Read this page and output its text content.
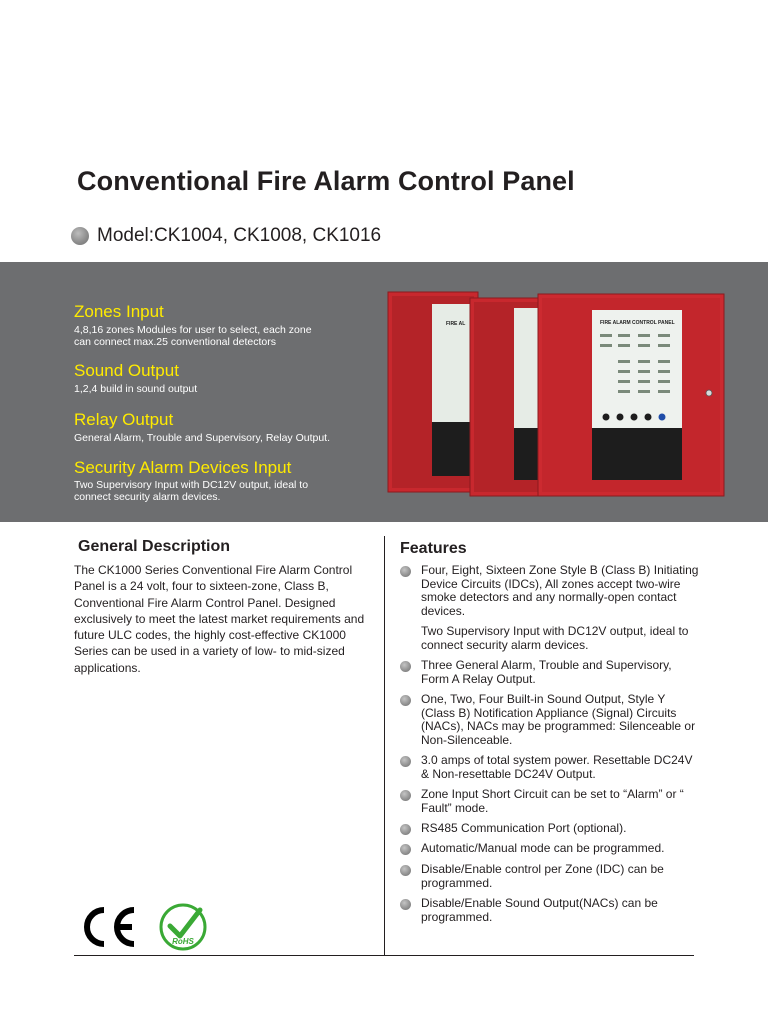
Conventional Fire Alarm Control Panel
Model:CK1004, CK1008, CK1016
Zones Input
4,8,16 zones Modules for user to select, each zone
can connect max.25 conventional detectors
Sound Output
1,2,4 build in sound output
Relay Output
General Alarm, Trouble and Supervisory, Relay Output.
Security Alarm Devices Input
Two Supervisory Input with DC12V output, ideal to
connect security alarm devices.
FIRE AL	FIRE ALARM CONTROL PANEL
General Description
The CK1000 Series Conventional Fire Alarm Control Panel is a 24 volt, four to sixteen-zone, Class B, Conventional Fire Alarm Control Panel. Designed exclusively to meet the latest market requirements and future ULC codes, the highly cost-effective CK1000 Series can be used in a variety of low- to mid-sized applications.
Features
Four, Eight, Sixteen Zone Style B (Class B) Initiating Device Circuits (IDCs), All zones accept two-wire smoke detectors and any normally-open contact devices.
Two Supervisory Input with DC12V output, ideal to connect security alarm devices.
Three General Alarm, Trouble and Supervisory, Form A Relay Output.
One, Two, Four Built-in Sound Output, Style Y (Class B) Notification Appliance (Signal) Circuits (NACs), NACs may be programmed: Silenceable or Non-Silenceable.
3.0 amps of total system power. Resettable DC24V & Non-resettable DC24V Output.
Zone Input Short Circuit can be set to “Alarm” or “ Fault” mode.
RS485 Communication Port (optional).
Automatic/Manual mode can be programmed.
Disable/Enable control per Zone (IDC) can be programmed.
Disable/Enable Sound Output(NACs) can be programmed.
RoHS
